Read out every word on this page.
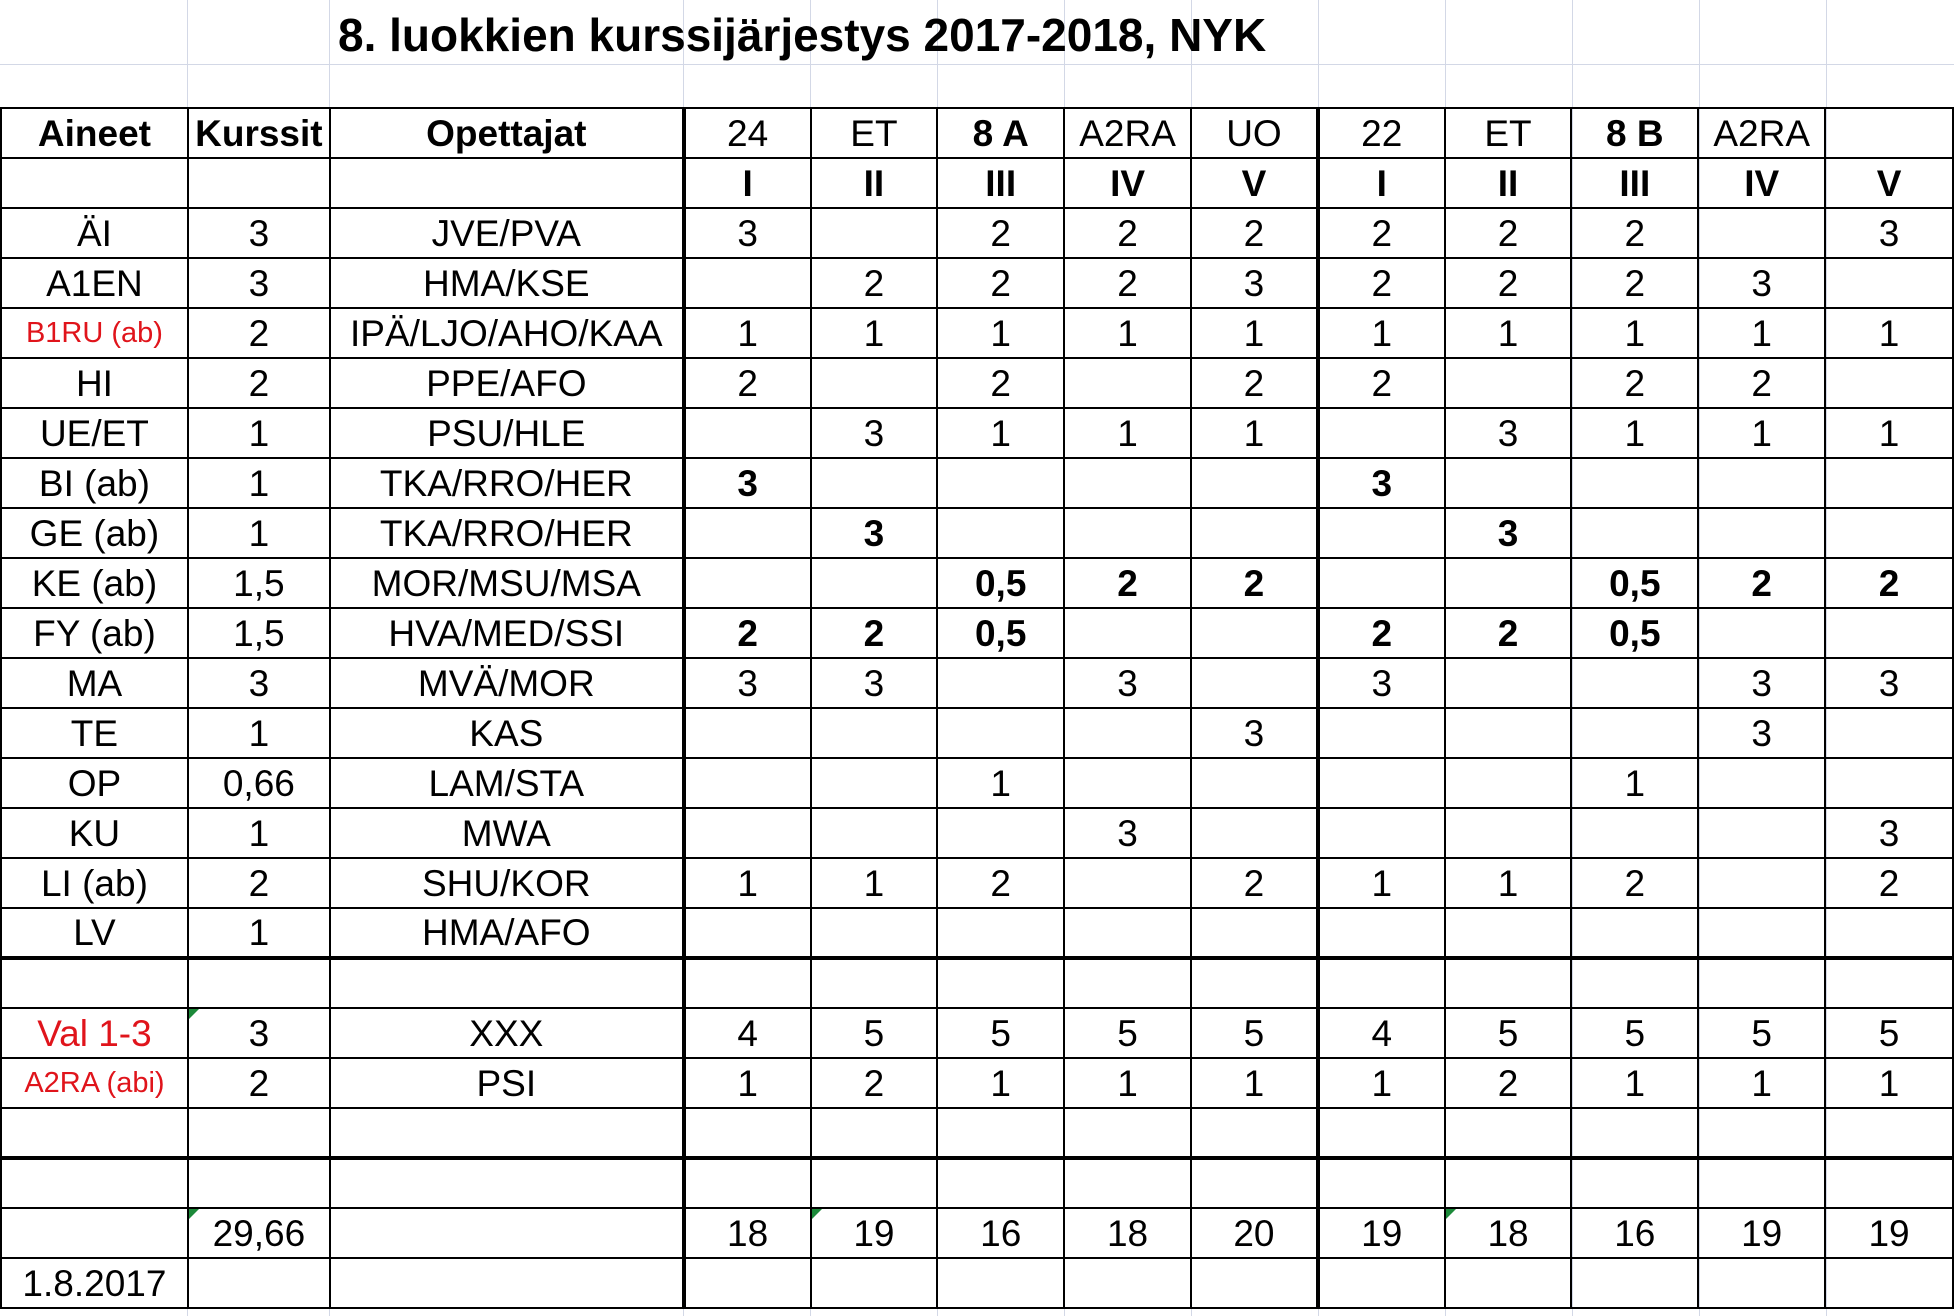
8. luokkien kurssijärjestys 2017-2018, NYK
Aineet	Kurssit	Opettajat	24	ET	8 A	A2RA	UO	22	ET	8 B	A2RA	
			I	II	III	IV	V	I	II	III	IV	V
ÄI	3	JVE/PVA	3		2	2	2	2	2	2		3
A1EN	3	HMA/KSE		2	2	2	3	2	2	2	3	
B1RU (ab)	2	IPÄ/LJO/AHO/KAA	1	1	1	1	1	1	1	1	1	1
HI	2	PPE/AFO	2		2		2	2		2	2	
UE/ET	1	PSU/HLE		3	1	1	1		3	1	1	1
BI (ab)	1	TKA/RRO/HER	3					3				
GE (ab)	1	TKA/RRO/HER		3					3			
KE (ab)	1,5	MOR/MSU/MSA			0,5	2	2			0,5	2	2
FY (ab)	1,5	HVA/MED/SSI	2	2	0,5			2	2	0,5		
MA	3	MVÄ/MOR	3	3		3		3			3	3
TE	1	KAS					3				3	
OP	0,66	LAM/STA			1					1		
KU	1	MWA				3						3
LI (ab)	2	SHU/KOR	1	1	2		2	1	1	2		2
LV	1	HMA/AFO										

Val 1-3	3	XXX	4	5	5	5	5	4	5	5	5	5
A2RA (abi)	2	PSI	1	2	1	1	1	1	2	1	1	1

	29,66		18	19	16	18	20	19	18	16	19	19
1.8.2017												
